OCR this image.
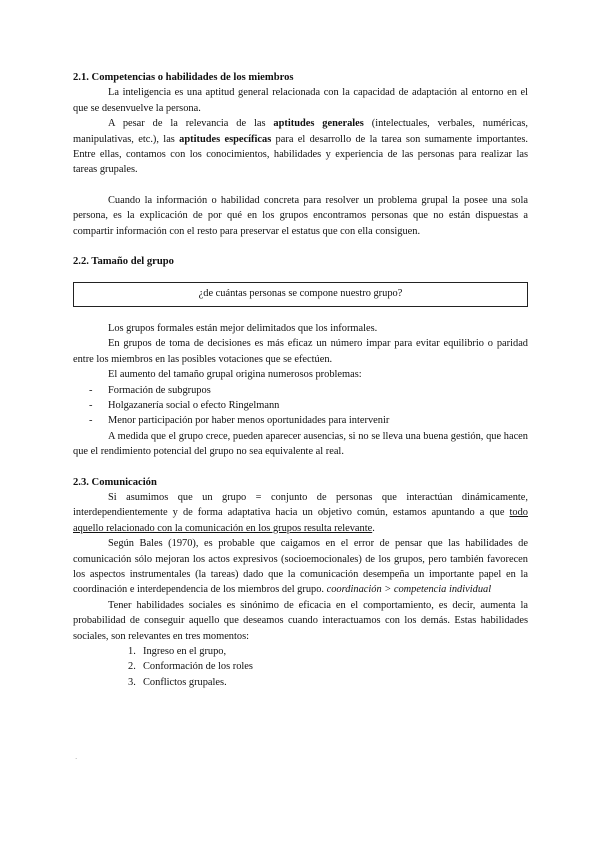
2.1. Competencias o habilidades de los miembros

La inteligencia es una aptitud general relacionada con la capacidad de adaptación al entorno en el que se desenvuelve la persona.

A pesar de la relevancia de las aptitudes generales (intelectuales, verbales, numéricas, manipulativas, etc.), las aptitudes específicas para el desarrollo de la tarea son sumamente importantes. Entre ellas, contamos con los conocimientos, habilidades y experiencia de las personas para realizar las tareas grupales.

Cuando la información o habilidad concreta para resolver un problema grupal la posee una sola persona, es la explicación de por qué en los grupos encontramos personas que no están dispuestas a compartir información con el resto para preservar el estatus que con ella consiguen.

2.2. Tamaño del grupo
¿de cuántas personas se compone nuestro grupo?

Los grupos formales están mejor delimitados que los informales.

En grupos de toma de decisiones es más eficaz un número impar para evitar equilibrio o paridad entre los miembros en las posibles votaciones que se efectúen.

El aumento del tamaño grupal origina numerosos problemas:

- Formación de subgrupos
- Holgazanería social o efecto Ringelmann
- Menor participación por haber menos oportunidades para intervenir

A medida que el grupo crece, pueden aparecer ausencias, si no se lleva una buena gestión, que hacen que el rendimiento potencial del grupo no sea equivalente al real.

2.3. Comunicación

Si asumimos que un grupo = conjunto de personas que interactúan dinámicamente, interdependientemente y de forma adaptativa hacia un objetivo común, estamos apuntando a que todo aquello relacionado con la comunicación en los grupos resulta relevante.

Según Bales (1970), es probable que caigamos en el error de pensar que las habilidades de comunicación sólo mejoran los actos expresivos (socioemocionales) de los grupos, pero también favorecen los aspectos instrumentales (la tareas) dado que la comunicación desempeña un importante papel en la coordinación e interdependencia de los miembros del grupo. coordinación > competencia individual

Tener habilidades sociales es sinónimo de eficacia en el comportamiento, es decir, aumenta la probabilidad de conseguir aquello que deseamos cuando interactuamos con los demás. Estas habilidades sociales, son relevantes en tres momentos:

1. Ingreso en el grupo,
2. Conformación de los roles
3. Conflictos grupales.
´
